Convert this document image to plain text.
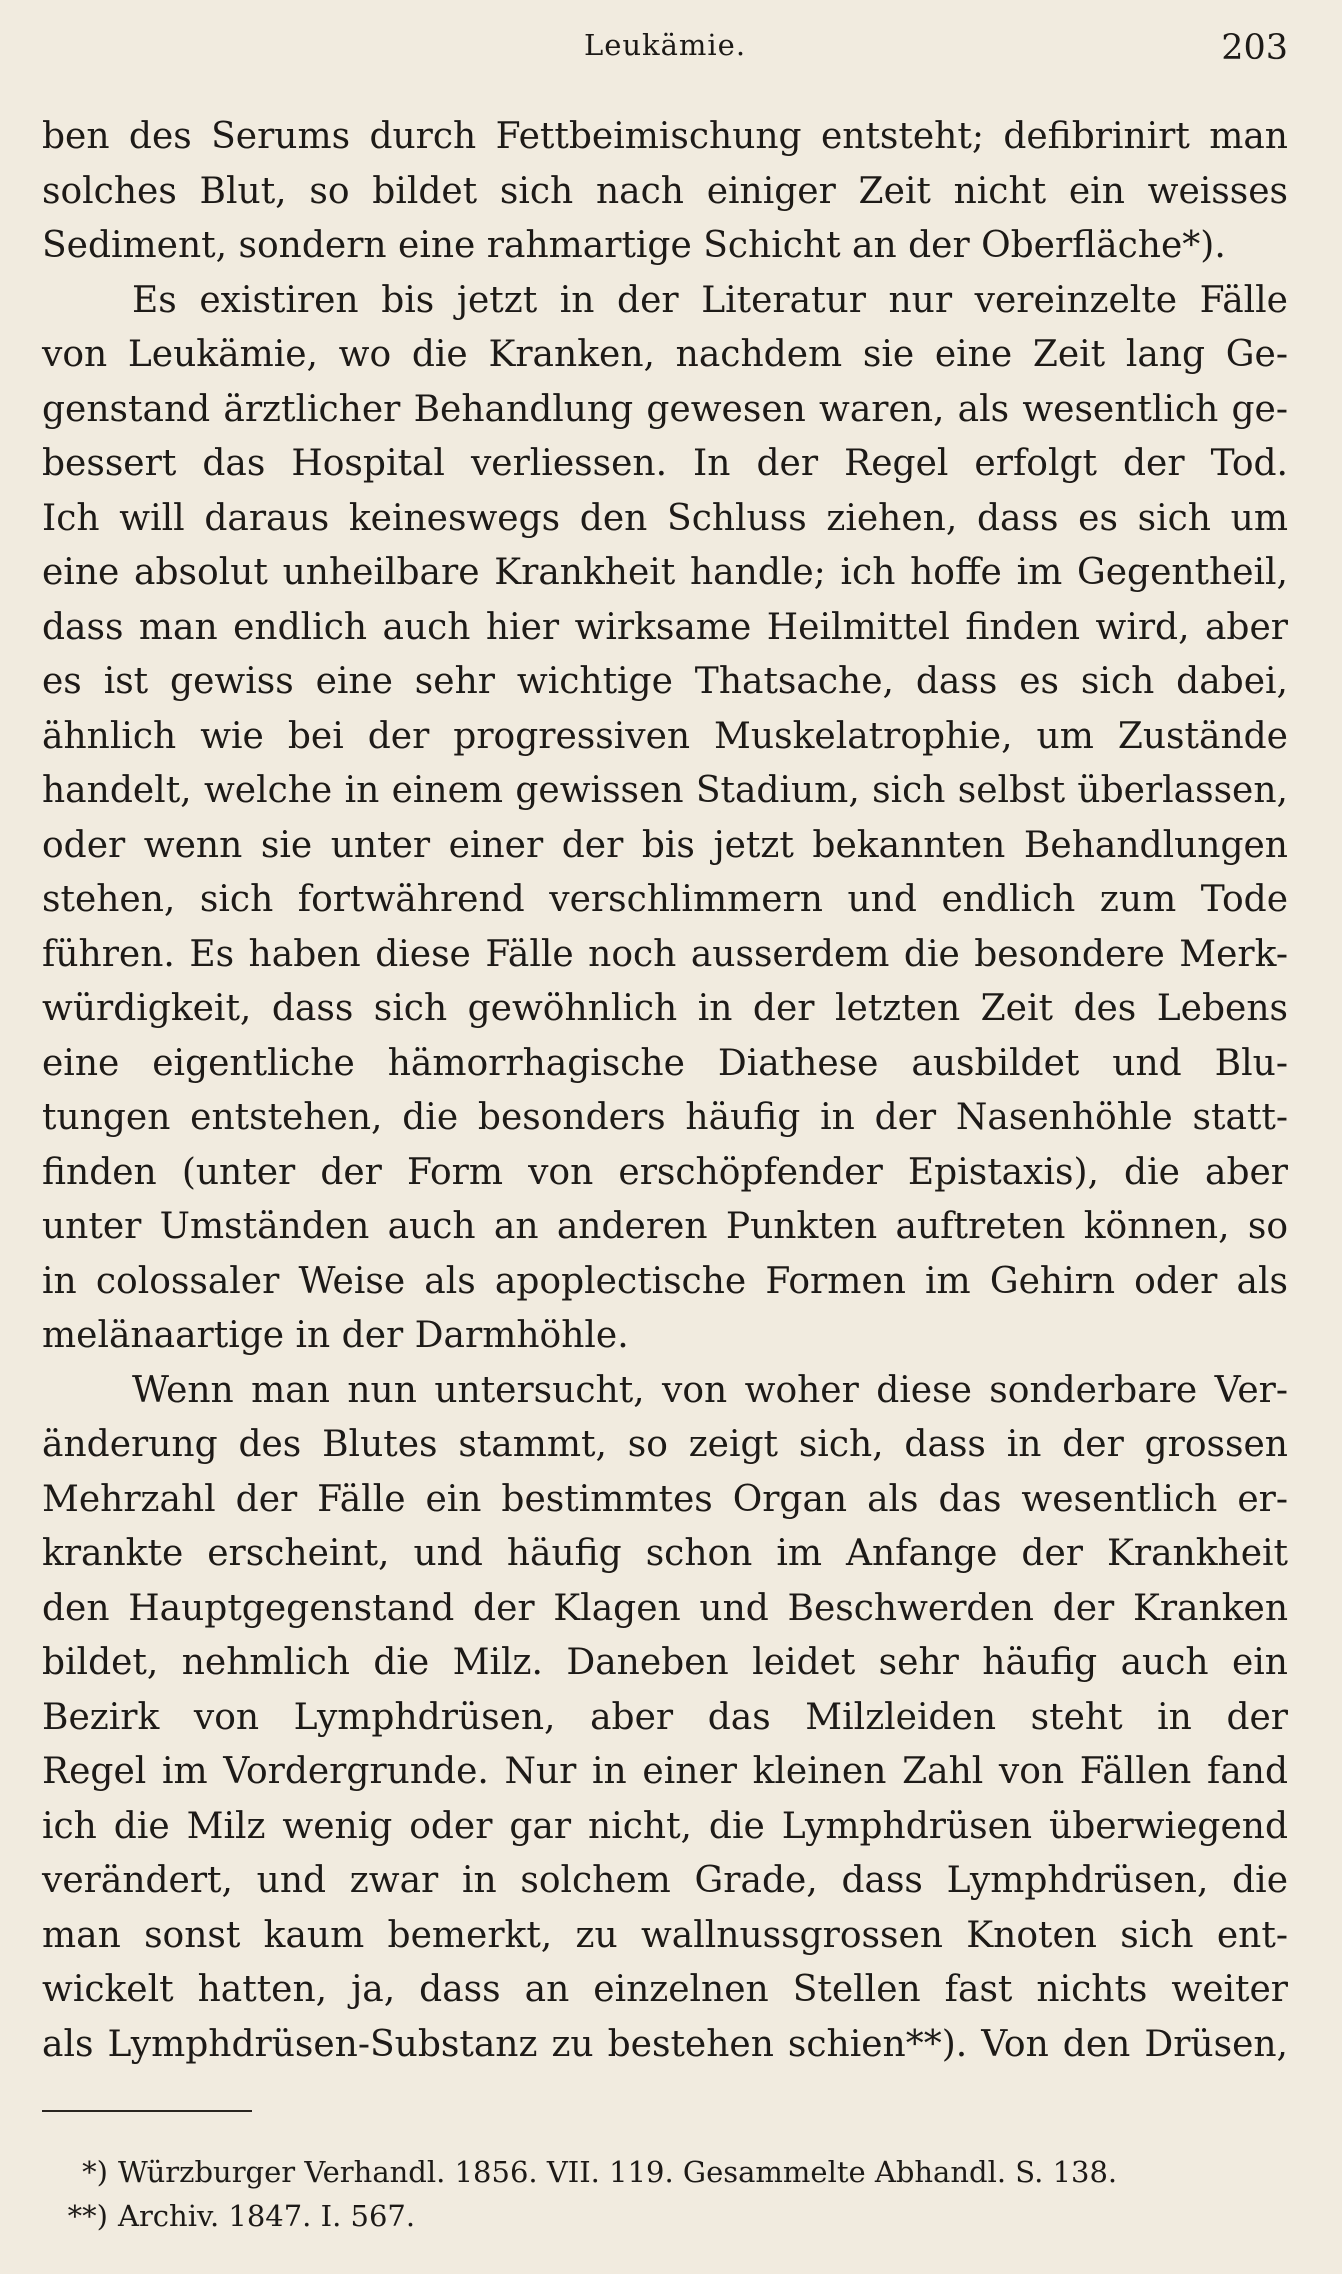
Leukämie.	203
ben des Serums durch Fettbeimischung entsteht; defibrinirt man
solches Blut, so bildet sich nach einiger Zeit nicht ein weisses
Sediment, sondern eine rahmartige Schicht an der Oberfläche*).
Es existiren bis jetzt in der Literatur nur vereinzelte Fälle
von Leukämie, wo die Kranken, nachdem sie eine Zeit lang Ge-
genstand ärztlicher Behandlung gewesen waren, als wesentlich ge-
bessert das Hospital verliessen. In der Regel erfolgt der Tod.
Ich will daraus keineswegs den Schluss ziehen, dass es sich um
eine absolut unheilbare Krankheit handle; ich hoffe im Gegentheil,
dass man endlich auch hier wirksame Heilmittel finden wird, aber
es ist gewiss eine sehr wichtige Thatsache, dass es sich dabei,
ähnlich wie bei der progressiven Muskelatrophie, um Zustände
handelt, welche in einem gewissen Stadium, sich selbst überlassen,
oder wenn sie unter einer der bis jetzt bekannten Behandlungen
stehen, sich fortwährend verschlimmern und endlich zum Tode
führen. Es haben diese Fälle noch ausserdem die besondere Merk-
würdigkeit, dass sich gewöhnlich in der letzten Zeit des Lebens
eine eigentliche hämorrhagische Diathese ausbildet und Blu-
tungen entstehen, die besonders häufig in der Nasenhöhle statt-
finden (unter der Form von erschöpfender Epistaxis), die aber
unter Umständen auch an anderen Punkten auftreten können, so
in colossaler Weise als apoplectische Formen im Gehirn oder als
melänaartige in der Darmhöhle.
Wenn man nun untersucht, von woher diese sonderbare Ver-
änderung des Blutes stammt, so zeigt sich, dass in der grossen
Mehrzahl der Fälle ein bestimmtes Organ als das wesentlich er-
krankte erscheint, und häufig schon im Anfange der Krankheit
den Hauptgegenstand der Klagen und Beschwerden der Kranken
bildet, nehmlich die Milz. Daneben leidet sehr häufig auch ein
Bezirk von Lymphdrüsen, aber das Milzleiden steht in der
Regel im Vordergrunde. Nur in einer kleinen Zahl von Fällen fand
ich die Milz wenig oder gar nicht, die Lymphdrüsen überwiegend
verändert, und zwar in solchem Grade, dass Lymphdrüsen, die
man sonst kaum bemerkt, zu wallnussgrossen Knoten sich ent-
wickelt hatten, ja, dass an einzelnen Stellen fast nichts weiter
als Lymphdrüsen-Substanz zu bestehen schien**). Von den Drüsen,
*) Würzburger Verhandl. 1856. VII. 119. Gesammelte Abhandl. S. 138.
**) Archiv. 1847. I. 567.
